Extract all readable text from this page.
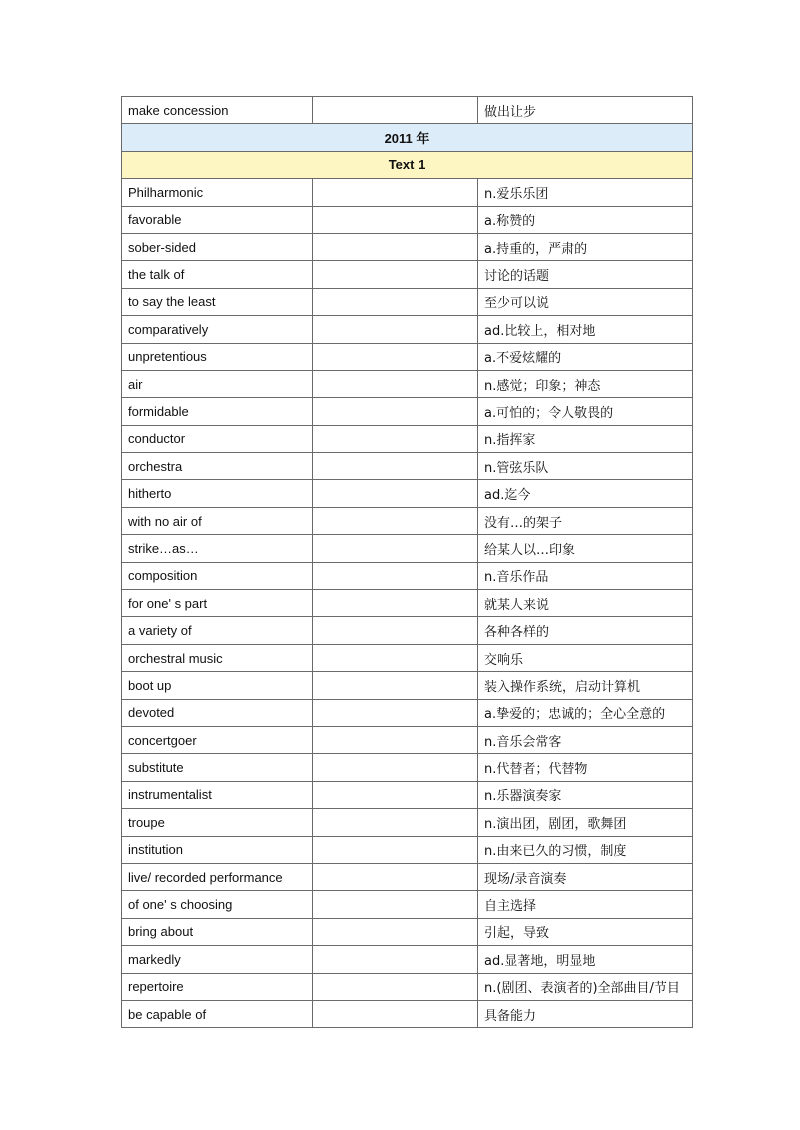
make concession		做出让步
2011 年		
Text 1		
Philharmonic		n.爱乐乐团
favorable		a.称赞的
sober-sided		a.持重的，严肃的
the talk of		讨论的话题
to say the least		至少可以说
comparatively		ad.比较上，相对地
unpretentious		a.不爱炫耀的
air		n.感觉；印象；神态
formidable		a.可怕的；令人敬畏的
conductor		n.指挥家
orchestra		n.管弦乐队
hitherto		ad.迄今
with no air of		没有…的架子
strike…as…		给某人以…印象
composition		n.音乐作品
for one' s part		就某人来说
a variety of		各种各样的
orchestral music		交响乐
boot up		装入操作系统，启动计算机
devoted		a.挚爱的；忠诚的；全心全意的
concertgoer		n.音乐会常客
substitute		n.代替者；代替物
instrumentalist		n.乐器演奏家
troupe		n.演出团，剧团，歌舞团
institution		n.由来已久的习惯，制度
live/ recorded performance		现场/录音演奏
of one' s choosing		自主选择
bring about		引起，导致
markedly		ad.显著地，明显地
repertoire		n.(剧团、表演者的)全部曲目/节目
be capable of		具备能力
